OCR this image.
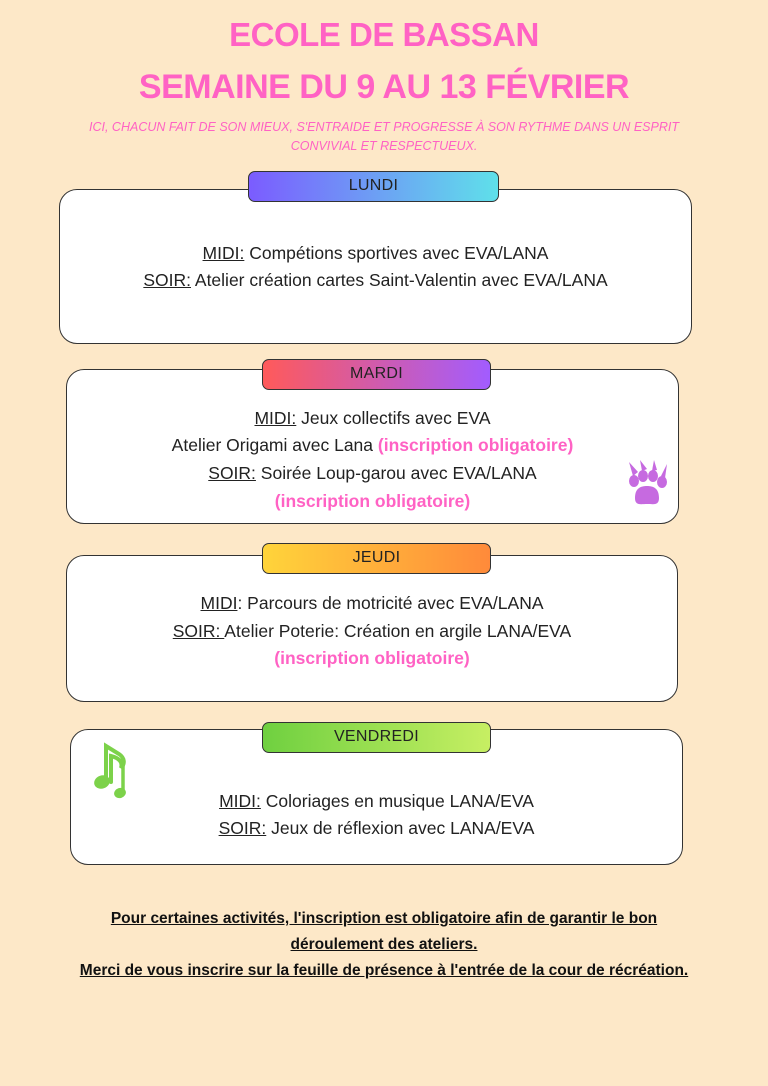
ECOLE DE BASSAN
SEMAINE DU 9 AU 13 FÉVRIER
ICI, CHACUN FAIT DE SON MIEUX, S'ENTRAIDE ET PROGRESSE À SON RYTHME DANS UN ESPRIT
CONVIVIAL ET RESPECTUEUX.
MIDI: Compétions sportives avec EVA/LANA
SOIR: Atelier création cartes Saint-Valentin avec EVA/LANA
LUNDI
MIDI: Jeux collectifs avec EVA
Atelier Origami avec Lana (inscription obligatoire)
SOIR: Soirée Loup-garou avec EVA/LANA
(inscription obligatoire)
MARDI
MIDI: Parcours de motricité avec EVA/LANA
SOIR: Atelier Poterie: Création en argile LANA/EVA
(inscription obligatoire)
JEUDI
MIDI: Coloriages en musique LANA/EVA
SOIR: Jeux de réflexion avec LANA/EVA
VENDREDI
Pour certaines activités, l'inscription est obligatoire afin de garantir le bon
déroulement des ateliers.
Merci de vous inscrire sur la feuille de présence à l'entrée de la cour de récréation.
